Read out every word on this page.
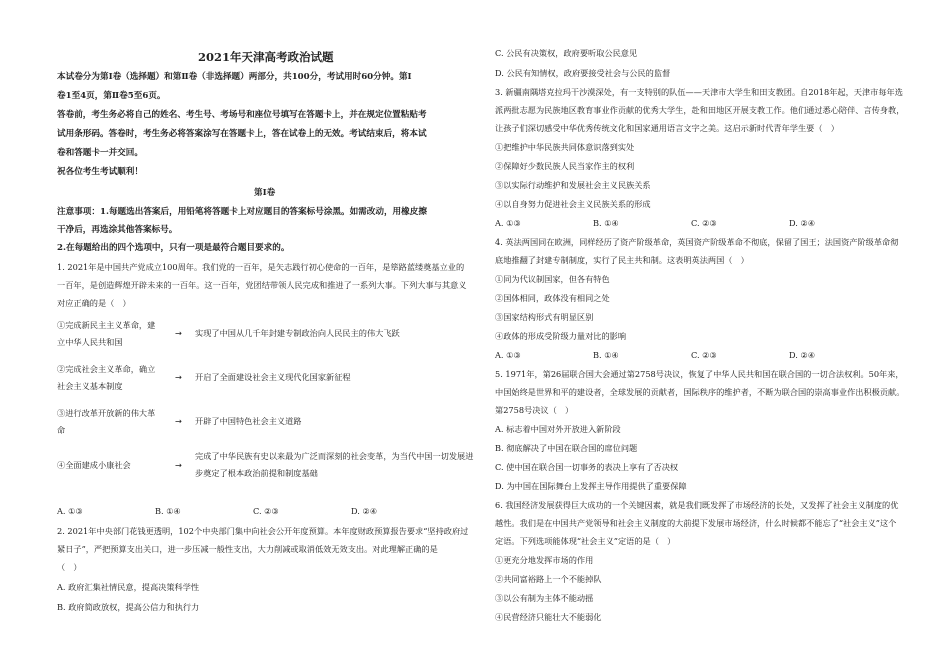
2021年天津高考政治试题
本试卷分为第Ⅰ卷（选择题）和第Ⅱ卷（非选择题）两部分，共100分，考试用时60分钟。第Ⅰ
卷1至4页，第Ⅱ卷5至6页。
答卷前，考生务必将自己的姓名、考生号、考场号和座位号填写在答题卡上，并在规定位置粘贴考
试用条形码。答卷时，考生务必将答案涂写在答题卡上，答在试卷上的无效。考试结束后，将本试
卷和答题卡一并交回。
祝各位考生考试顺利！
第Ⅰ卷
注意事项：1.每题选出答案后，用铅笔将答题卡上对应题目的答案标号涂黑。如需改动，用橡皮擦
干净后，再选涂其他答案标号。
2.在每题给出的四个选项中，只有一项是最符合题目要求的。
1. 2021年是中国共产党成立100周年。我们党的一百年，是矢志践行初心使命的一百年，是筚路蓝缕奠基立业的
一百年，是创造辉煌开辟未来的一百年。这一百年，党团结带领人民完成和推进了一系列大事。下列大事与其意义
对应正确的是（　）
①完成新民主主义革命，建
立中华人民共和国
→ 实现了中国从几千年封建专制政治向人民民主的伟大飞跃
②完成社会主义革命，确立
社会主义基本制度
→ 开启了全面建设社会主义现代化国家新征程
③进行改革开放新的伟大革
命
→ 开辟了中国特色社会主义道路
④全面建成小康社会	→
完成了中华民族有史以来最为广泛而深刻的社会变革，为当代中国一切发展进
步奠定了根本政治前提和制度基础
A. ①③	B. ①④	C. ②③	D. ②④
2. 2021年中央部门花钱更透明，102个中央部门集中向社会公开年度预算。本年度财政预算报告要求“坚持政府过
紧日子”，严把预算支出关口，进一步压减一般性支出，大力削减或取消低效无效支出。对此理解正确的是
（　）
A. 政府汇集社情民意，提高决策科学性
B. 政府简政放权，提高公信力和执行力
C. 公民有决策权，政府要听取公民意见
D. 公民有知情权，政府要接受社会与公民的监督
3. 新疆南隅塔克拉玛干沙漠深处，有一支特别的队伍——天津市大学生和田支教团。自2018年起，天津市每年选
派两批志愿为民族地区教育事业作贡献的优秀大学生，赴和田地区开展支教工作。他们通过悉心陪伴、言传身教，
让孩子们深切感受中华优秀传统文化和国家通用语言文字之美。这启示新时代青年学生要（　）
①把维护中华民族共同体意识落到实处
②保障好少数民族人民当家作主的权利
③以实际行动维护和发展社会主义民族关系
④以自身努力促进社会主义民族关系的形成
A. ①③	B. ①④	C. ②③	D. ②④
4. 英法两国同在欧洲，同样经历了资产阶级革命，英国资产阶级革命不彻底，保留了国王；法国资产阶级革命彻
底地推翻了封建专制制度，实行了民主共和制。这表明英法两国（　）
①同为代议制国家，但各有特色
②国体相同，政体没有相同之处
③国家结构形式有明显区别
④政体的形成受阶级力量对比的影响
A. ①③	B. ①④	C. ②③	D. ②④
5. 1971年，第26届联合国大会通过第2758号决议，恢复了中华人民共和国在联合国的一切合法权利。50年来，
中国始终是世界和平的建设者，全球发展的贡献者，国际秩序的维护者，不断为联合国的崇高事业作出积极贡献。
第2758号决议（　）
A. 标志着中国对外开放进入新阶段
B. 彻底解决了中国在联合国的席位问题
C. 使中国在联合国一切事务的表决上享有了否决权
D. 为中国在国际舞台上发挥主导作用提供了重要保障
6. 我国经济发展获得巨大成功的一个关键因素，就是我们既发挥了市场经济的长处，又发挥了社会主义制度的优
越性。我们是在中国共产党领导和社会主义制度的大前提下发展市场经济，什么时候都不能忘了“社会主义”这个
定语。下列选项能体现“社会主义”定语的是（　）
①更充分地发挥市场的作用
②共同富裕路上一个不能掉队
③以公有制为主体不能动摇
④民营经济只能壮大不能弱化
